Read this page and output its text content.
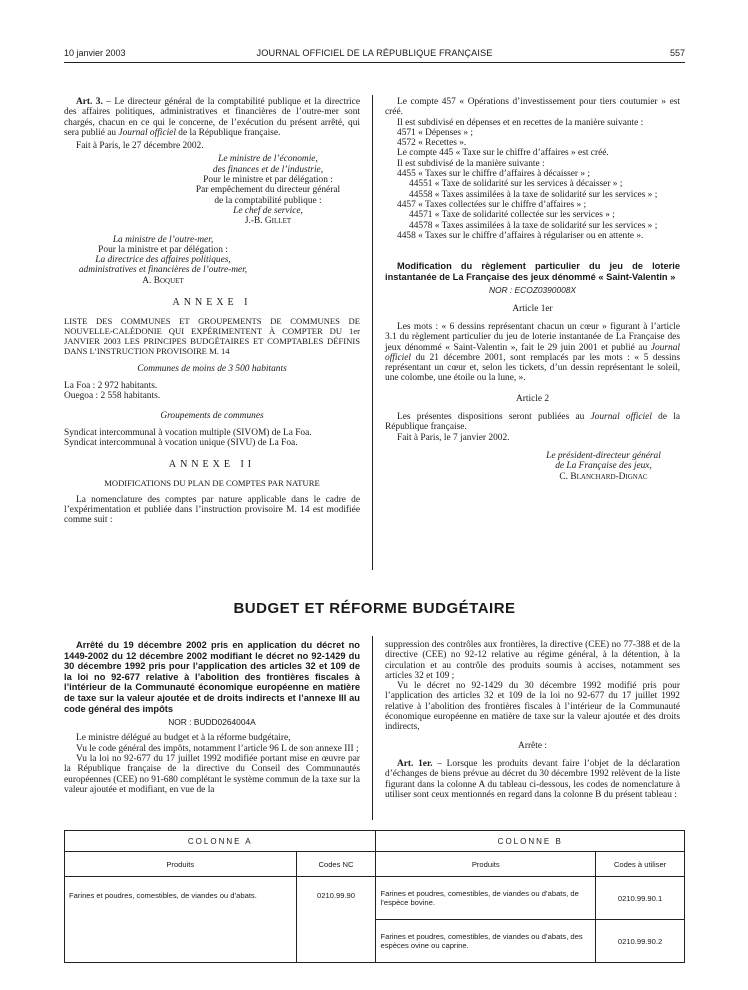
10 janvier 2003	JOURNAL OFFICIEL DE LA RÉPUBLIQUE FRANÇAISE	557

Art. 3. – Le directeur général de la comptabilité publique et la directrice des affaires politiques, administratives et financières de l’outre-mer sont chargés, chacun en ce qui le concerne, de l’exécution du présent arrêté, qui sera publié au Journal officiel de la République française.

Fait à Paris, le 27 décembre 2002.

Le ministre de l’économie,

des finances et de l’industrie,

Pour le ministre et par délégation :

Par empêchement du directeur général

de la comptabilité publique :

Le chef de service,

J.-B. Gillet

La ministre de l’outre-mer,

Pour la ministre et par délégation :

La directrice des affaires politiques,

administratives et financières de l’outre-mer,

A. Boquet

ANNEXE I

LISTE DES COMMUNES ET GROUPEMENTS DE COMMUNES DE NOUVELLE-CALÉDONIE QUI EXPÉRIMENTENT À COMPTER DU 1er JANVIER 2003 LES PRINCIPES BUDGÉTAIRES ET COMPTABLES DÉFINIS DANS L’INSTRUCTION PROVISOIRE M. 14

Communes de moins de 3 500 habitants

La Foa : 2 972 habitants.

Ouegoa : 2 558 habitants.

Groupements de communes

Syndicat intercommunal à vocation multiple (SIVOM) de La Foa.

Syndicat intercommunal à vocation unique (SIVU) de La Foa.

ANNEXE II

MODIFICATIONS DU PLAN DE COMPTES PAR NATURE

La nomenclature des comptes par nature applicable dans le cadre de l’expérimentation et publiée dans l’instruction provisoire M. 14 est modifiée comme suit :

Le compte 457 « Opérations d’investissement pour tiers coutumier » est créé.

Il est subdivisé en dépenses et en recettes de la manière suivante :

4571 « Dépenses » ;

4572 « Recettes ».

Le compte 445 « Taxe sur le chiffre d’affaires » est créé.

Il est subdivisé de la manière suivante :

4455 « Taxes sur le chiffre d’affaires à décaisser » ;

44551 « Taxe de solidarité sur les services à décaisser » ;

44558 « Taxes assimilées à la taxe de solidarité sur les services » ;

4457 « Taxes collectées sur le chiffre d’affaires » ;

44571 « Taxe de solidarité collectée sur les services » ;

44578 « Taxes assimilées à la taxe de solidarité sur les services » ;

4458 « Taxes sur le chiffre d’affaires à régulariser ou en attente ».

Modification du règlement particulier du jeu de loterie instantanée de La Française des jeux dénommé « Saint-Valentin »

NOR : ECOZ0390008X

Article 1er

Les mots : « 6 dessins représentant chacun un cœur » figurant à l’article 3.1 du règlement particulier du jeu de loterie instantanée de La Française des jeux dénommé « Saint-Valentin », fait le 29 juin 2001 et publié au Journal officiel du 21 décembre 2001, sont remplacés par les mots : « 5 dessins représentant un cœur et, selon les tickets, d’un dessin représentant le soleil, une colombe, une étoile ou la lune, ».

Article 2

Les présentes dispositions seront publiées au Journal officiel de la République française.

Fait à Paris, le 7 janvier 2002.

Le président-directeur général

de La Française des jeux,

C. Blanchard-Dignac

BUDGET ET RÉFORME BUDGÉTAIRE

Arrêté du 19 décembre 2002 pris en application du décret no 1449-2002 du 12 décembre 2002 modifiant le décret no 92-1429 du 30 décembre 1992 pris pour l’application des articles 32 et 109 de la loi no 92-677 relative à l’abolition des frontières fiscales à l’intérieur de la Communauté économique européenne en matière de taxe sur la valeur ajoutée et de droits indirects et l’annexe III au code général des impôts

NOR : BUDD0264004A

Le ministre délégué au budget et à la réforme budgétaire,

Vu le code général des impôts, notamment l’article 96 L de son annexe III ;

Vu la loi no 92-677 du 17 juillet 1992 modifiée portant mise en œuvre par la République française de la directive du Conseil des Communautés européennes (CEE) no 91-680 complétant le système commun de la taxe sur la valeur ajoutée et modifiant, en vue de la

suppression des contrôles aux frontières, la directive (CEE) no 77-388 et de la directive (CEE) no 92-12 relative au régime général, à la détention, à la circulation et au contrôle des produits soumis à accises, notamment ses articles 32 et 109 ;

Vu le décret no 92-1429 du 30 décembre 1992 modifié pris pour l’application des articles 32 et 109 de la loi no 92-677 du 17 juillet 1992 relative à l’abolition des frontières fiscales à l’intérieur de la Communauté économique européenne en matière de taxe sur la valeur ajoutée et des droits indirects,

Arrête :

Art. 1er. – Lorsque les produits devant faire l’objet de la déclaration d’échanges de biens prévue au décret du 30 décembre 1992 relèvent de la liste figurant dans la colonne A du tableau ci-dessous, les codes de nomenclature à utiliser sont ceux mentionnés en regard dans la colonne B du présent tableau :

COLONNE A		COLONNE B	
Produits	Codes NC	Produits	Codes à utiliser
Farines et poudres, comestibles, de viandes ou d’abats.	0210.99.90	Farines et poudres, comestibles, de viandes ou d’abats, de l’espèce bovine.	0210.99.90.1
		Farines et poudres, comestibles, de viandes ou d’abats, des espèces ovine ou caprine.	0210.99.90.2
